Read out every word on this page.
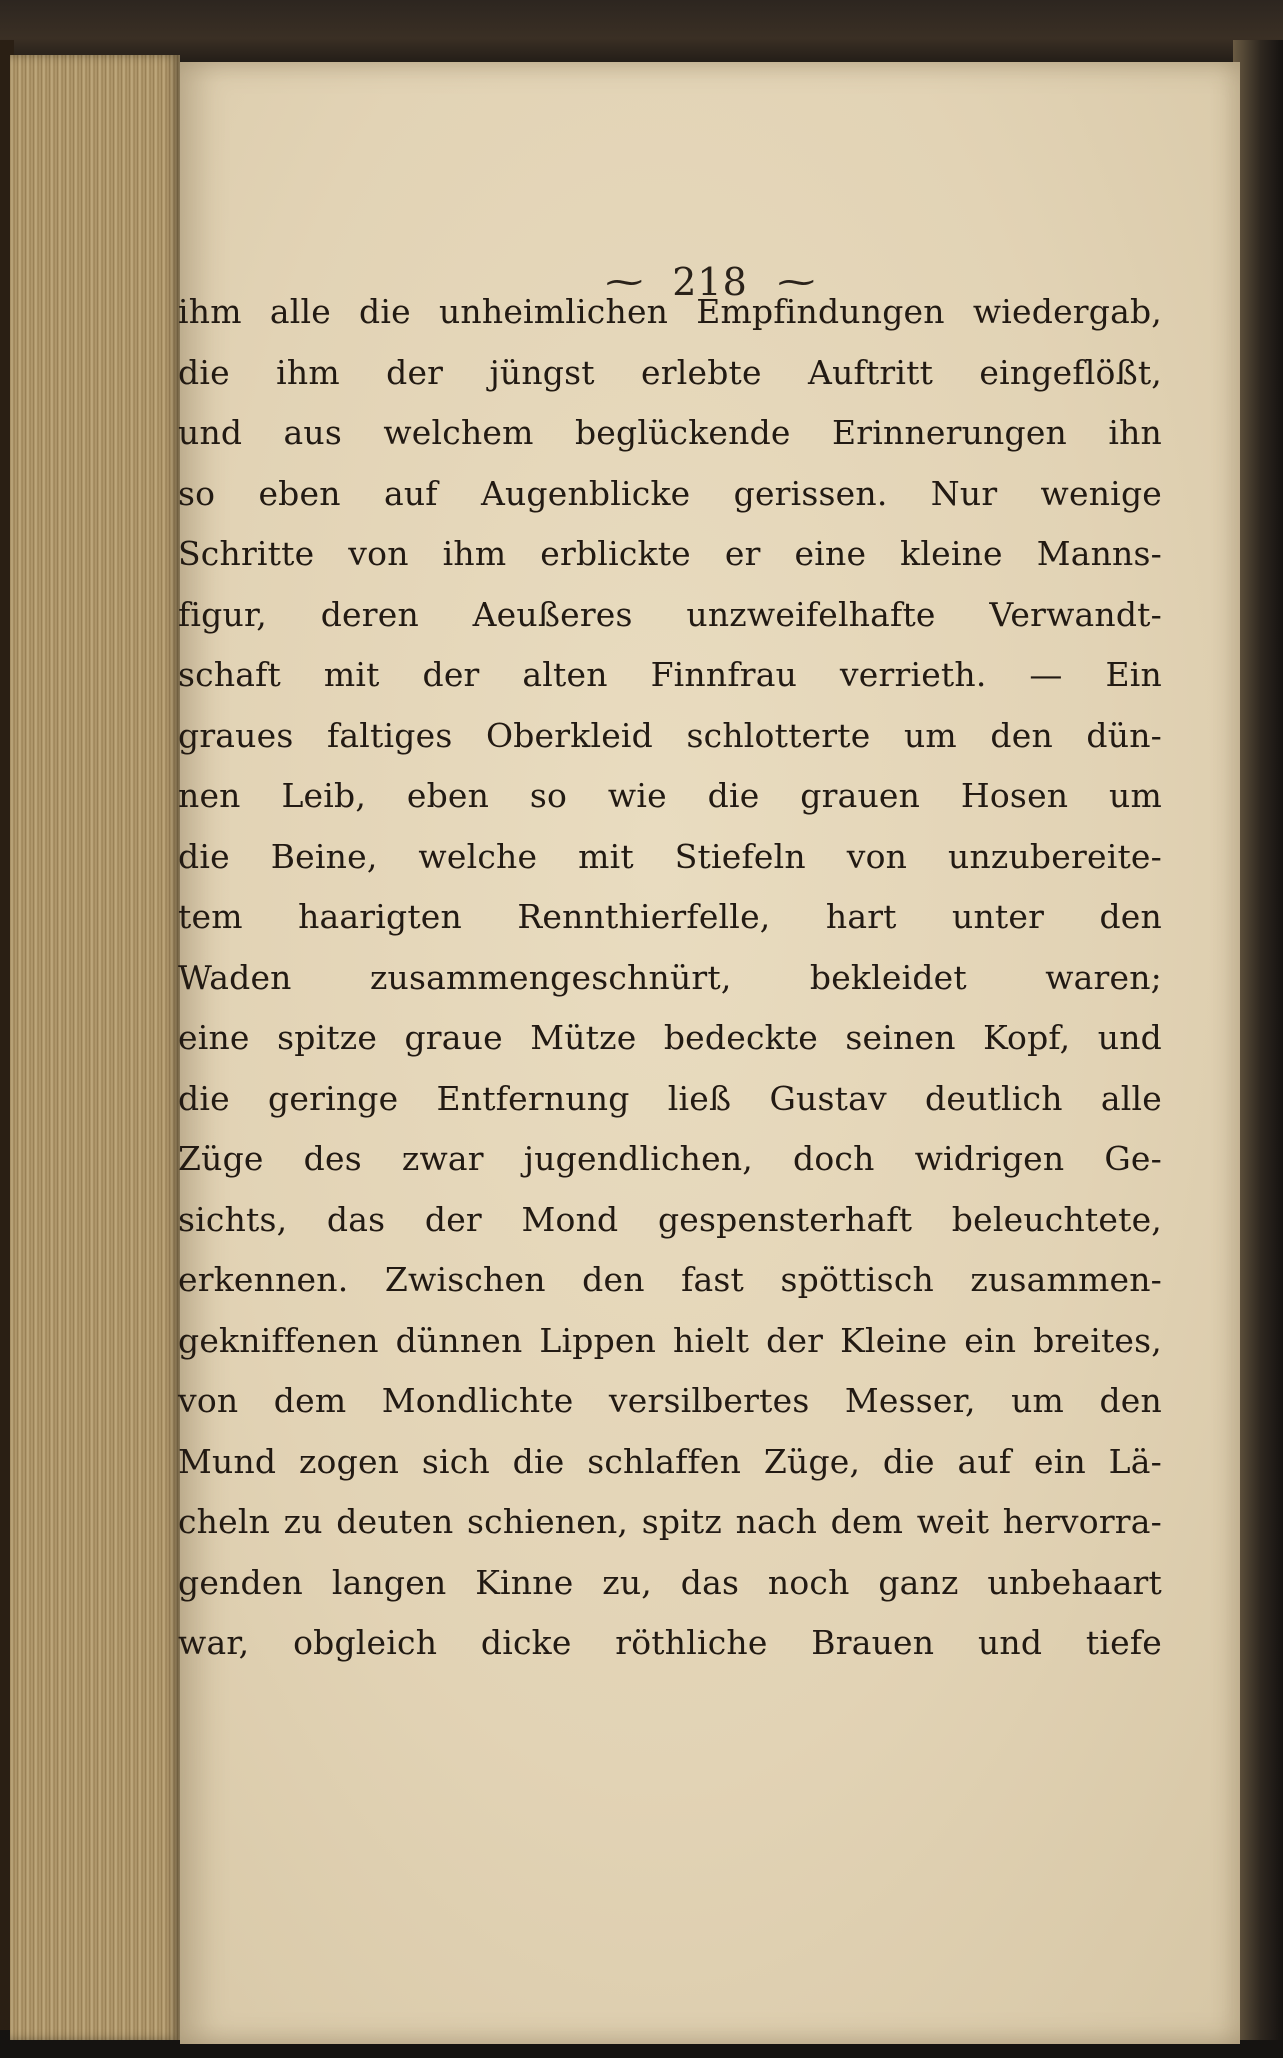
~ 218 ~
ihm alle die unheimlichen Empfindungen wiedergab,
die ihm der jüngst erlebte Auftritt eingeflößt,
und aus welchem beglückende Erinnerungen ihn
so eben auf Augenblicke gerissen. Nur wenige
Schritte von ihm erblickte er eine kleine Manns-
figur, deren Aeußeres unzweifelhafte Verwandt-
schaft mit der alten Finnfrau verrieth. — Ein
graues faltiges Oberkleid schlotterte um den dün-
nen Leib, eben so wie die grauen Hosen um
die Beine, welche mit Stiefeln von unzubereite-
tem haarigten Rennthierfelle, hart unter den
Waden zusammengeschnürt, bekleidet waren;
eine spitze graue Mütze bedeckte seinen Kopf, und
die geringe Entfernung ließ Gustav deutlich alle
Züge des zwar jugendlichen, doch widrigen Ge-
sichts, das der Mond gespensterhaft beleuchtete,
erkennen. Zwischen den fast spöttisch zusammen-
gekniffenen dünnen Lippen hielt der Kleine ein breites,
von dem Mondlichte versilbertes Messer, um den
Mund zogen sich die schlaffen Züge, die auf ein Lä-
cheln zu deuten schienen, spitz nach dem weit hervorra-
genden langen Kinne zu, das noch ganz unbehaart
war, obgleich dicke röthliche Brauen und tiefe
